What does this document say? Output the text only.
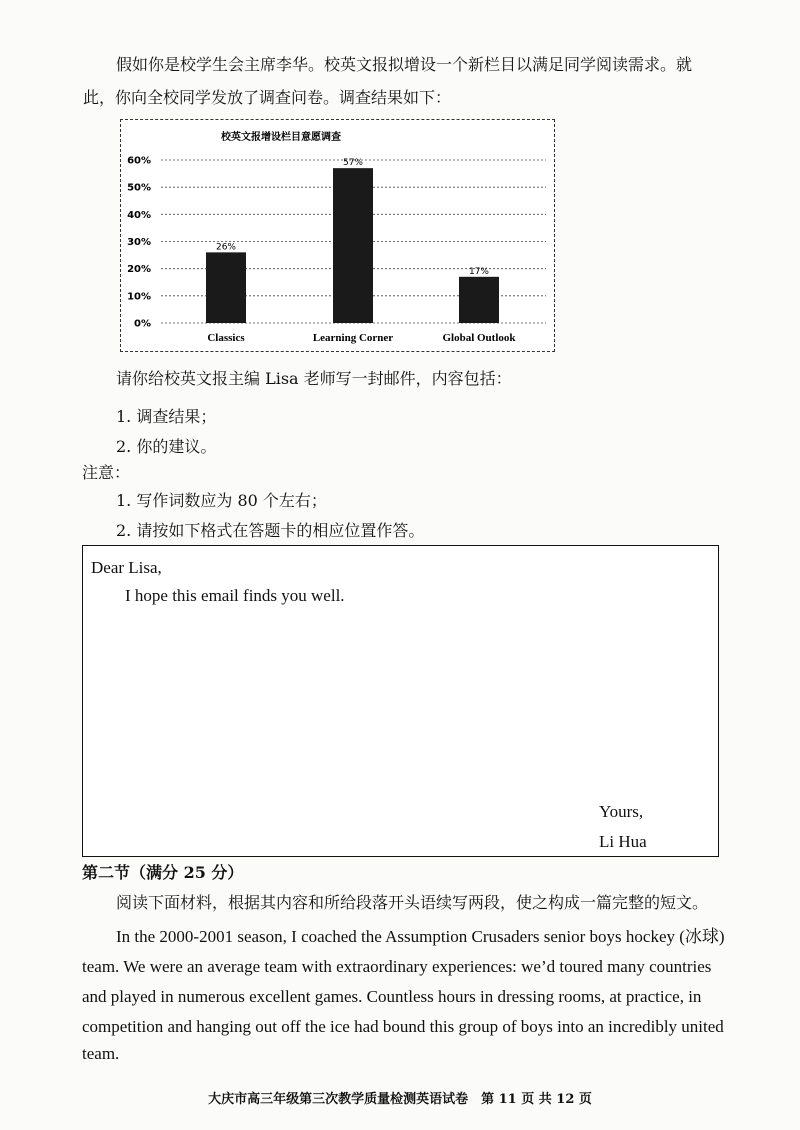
假如你是校学生会主席李华。校英文报拟增设一个新栏目以满足同学阅读需求。就
此，你向全校同学发放了调查问卷。调查结果如下：
校英文报增设栏目意愿调查
0%
10%
20%
30%
40%
50%
60%
26%
Classics
57%
Learning Corner
17%
Global Outlook
请你给校英文报主编 Lisa 老师写一封邮件，内容包括：
1. 调查结果；
2. 你的建议。
注意：
1. 写作词数应为 80 个左右；
2. 请按如下格式在答题卡的相应位置作答。
Dear Lisa,
I hope this email finds you well.
Yours,
Li Hua
第二节（满分 25 分）
阅读下面材料，根据其内容和所给段落开头语续写两段，使之构成一篇完整的短文。
In the 2000-2001 season, I coached the Assumption Crusaders senior boys hockey (冰球)
team. We were an average team with extraordinary experiences: we’d toured many countries
and played in numerous excellent games. Countless hours in dressing rooms, at practice, in
competition and hanging out off the ice had bound this group of boys into an incredibly united
team.
大庆市高三年级第三次教学质量检测英语试卷　第 11 页 共 12 页
